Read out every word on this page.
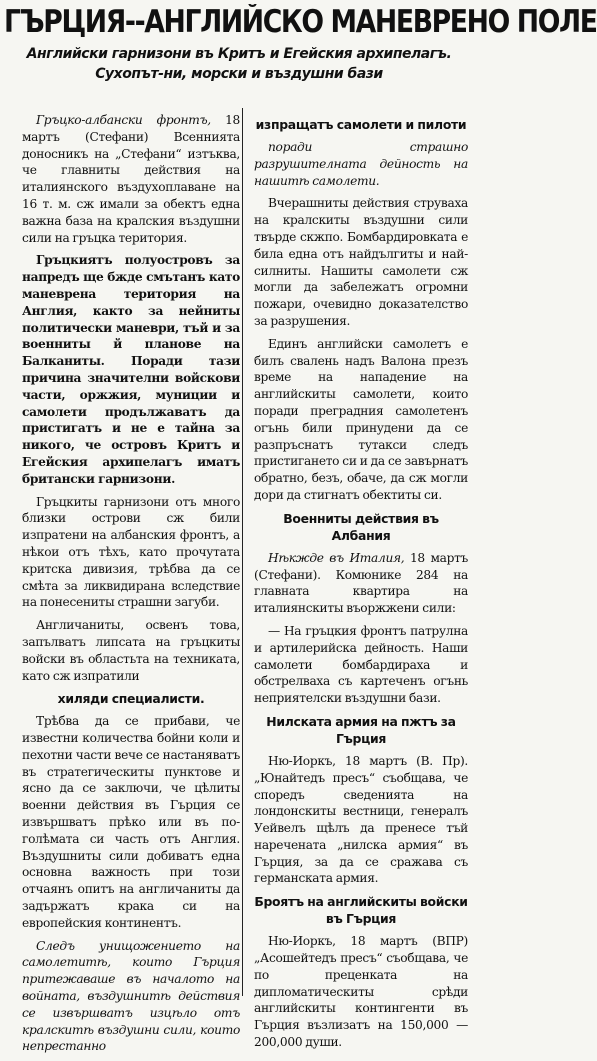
ГЪРЦИЯ--АНГЛИЙСКО МАНЕВРЕНО ПОЛЕ
Английски гарнизони въ Критъ и Егейския архипелагъ. Сухопът-ни, морски и въздушни бази

Гръцко-албански фронтъ, 18 мартъ (Стефани) Всеннията доносникъ на „Стефани“ изтъква, че главниты действия на италиянского въздухоплаване на 16 т. м. сж имали за обектъ една важна база на кралския въздушни сили на гръцка територия.

Гръцкиятъ полуостровъ за напредъ ще бжде смътанъ като маневрена територия на Англия, както за нейниты политически маневри, тъй и за военниты й планове на Балканиты. Поради тази причина значителни войскови части, оржжия, муниции и самолети продължаватъ да пристигатъ и не е тайна за никого, че островъ Критъ и Егейския архипелагъ иматъ британски гарнизони.

Гръцкиты гарнизони отъ много близки острови сж били изпратени на албанския фронтъ, а нѣкои отъ тѣхъ, като прочутата критска дивизия, трѣбва да се смѣта за ликвидирана вследствие на понесениты страшни загуби.

Англичаниты, освенъ това, запълватъ липсата на гръцкиты войски въ областьта на техниката, като сж изпратили

хиляди специалисти.

Трѣбва да се прибави, че известни количества бойни коли и пехотни части вече се настаняватъ въ стратегическиты пунктове и ясно да се заключи, че цѣлиты военни действия въ Гърция се извършватъ прѣко или въ по-голѣмата си часть отъ Англия. Въздушниты сили добиватъ една основна важность при този отчаянъ опитъ на англичаниты да задържатъ крака си на европейския континентъ.

Следъ унищожението на самолетитѣ, които Гърция притежаваше въ началото на войната, въздушнитѣ действия се извършватъ изцѣло отъ кралскитѣ въздушни сили, които непрестанно

изпращатъ самолети и пилоти

поради страшно разрушителната дейность на нашитѣ самолети.

Вчерашниты действия струваха на кралскиты въздушни сили твърде скжпо. Бомбардировката е била една отъ найдългиты и най-силниты. Нашиты самолети сж могли да забележатъ огромни пожари, очевидно доказателство за разрушения.

Единъ английски самолетъ е билъ свалень надъ Валона презъ време на нападение на английскиты самолети, които поради преградния самолетенъ огънь били принудени да се разпръснатъ тутакси следъ пристигането си и да се завърнатъ обратно, безъ, обаче, да сж могли дори да стигнатъ обектиты си.

Военниты действия въ Албания

Нѣкжде въ Италия, 18 мартъ (Стефани). Комюнике 284 на главната квартира на италиянскиты въоржжени сили:

— На гръцкия фронтъ патрулна и артилерийска дейность. Наши самолети бомбардираха и обстрелваха съ картеченъ огънь неприятелски въздушни бази.

Нилската армия на пжтъ за Гърция

Ню-Иоркъ, 18 мартъ (В. Пр). „Юнайтедъ пресъ“ съобщава, че споредъ сведенията на лондонскиты вестници, генералъ Уейвелъ щѣлъ да пренесе тъй наречената „нилска армия“ въ Гърция, за да се сражава съ германската армия.

Броятъ на английскиты войски въ Гърция

Ню-Иоркъ, 18 мартъ (ВПР) „Асошейтедъ пресъ“ съобщава, че по преценката на дипломатическиты срѣди английскиты контингенти въ Гърция възлизатъ на 150,000 — 200,000 души.
